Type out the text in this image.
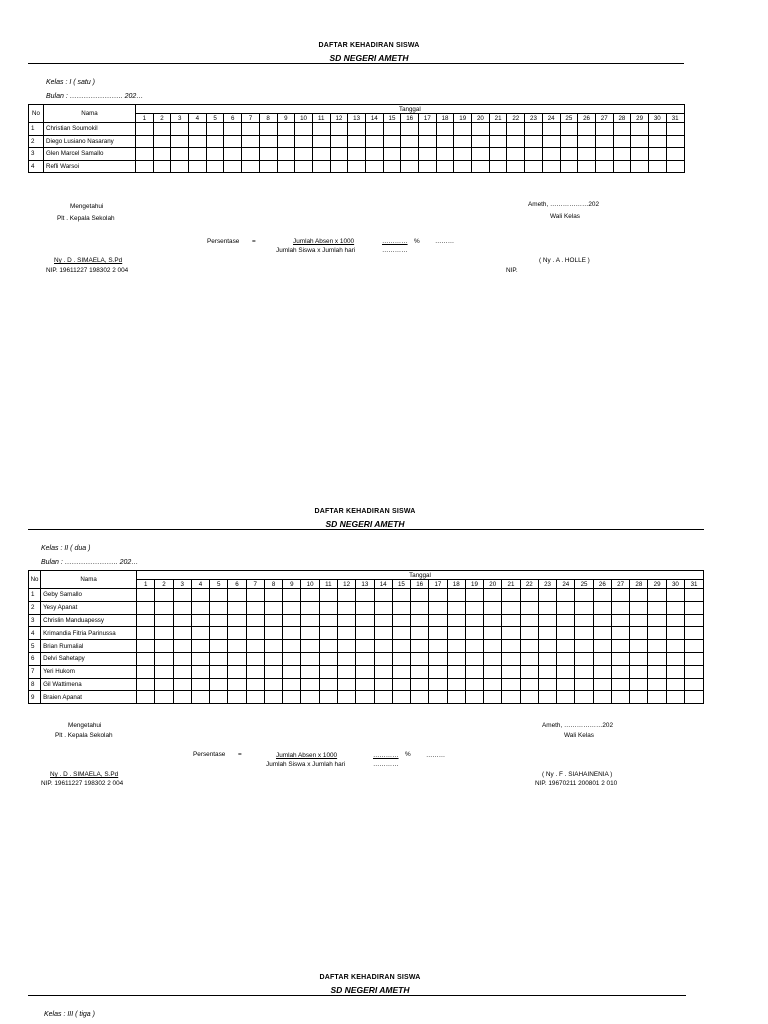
DAFTAR KEHADIRAN SISWA
SD NEGERI AMETH
Kelas : I ( satu )
Bulan : ………………….. 202…
No	Nama	Tanggal																														
		1	2	3	4	5	6	7	8	9	10	11	12	13	14	15	16	17	18	19	20	21	22	23	24	25	26	27	28	29	30	31
1	Christian Soumokil																															
2	Diego Lusiano Nasarany																															
3	Glen Marcel Samallo																															
4	Refli Warsoi																															
Mengetahui
Plt . Kepala Sekolah
Ameth, ………………202
Wali Kelas
Persentase =	Jumlah Absen x 1000
Jumlah Siswa x Jumlah hari
………… % ………
…………
Ny . D . SIMAELA, S.Pd
NIP. 19611227 198302 2 004
( Ny . A . HOLLE )
NIP.
DAFTAR KEHADIRAN SISWA
SD NEGERI AMETH
Kelas : II ( dua )
Bulan : ………………….. 202…
No	Nama	Tanggal																														
		1	2	3	4	5	6	7	8	9	10	11	12	13	14	15	16	17	18	19	20	21	22	23	24	25	26	27	28	29	30	31
1	Geby Samallo																															
2	Yesy Apanat																															
3	Chrislin Manduapessy																															
4	Krimandia Fitria Parinussa																															
5	Brian Rumalial																															
6	Delvi Sahetapy																															
7	Yeri Hukom																															
8	Gil Wattimena																															
9	Braien Apanat																															
Mengetahui
Plt . Kepala Sekolah
Ameth, ………………202
Wali Kelas
Persentase =	Jumlah Absen x 1000
Jumlah Siswa x Jumlah hari
………… % ………
…………
Ny . D . SIMAELA, S.Pd
NIP. 19611227 198302 2 004
( Ny . F . SIAHAINENIA )
NIP. 19670211 200801 2 010
DAFTAR KEHADIRAN SISWA
SD NEGERI AMETH
Kelas : III ( tiga )
